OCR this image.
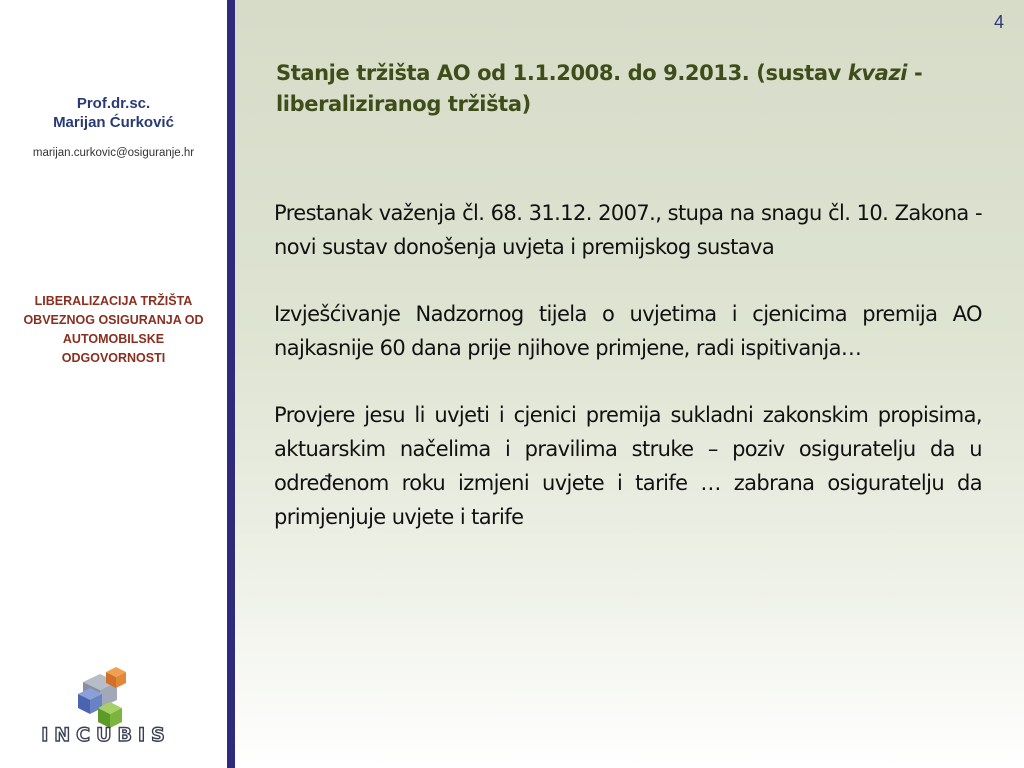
Prof.dr.sc.
Marijan Ćurković
marijan.curkovic@osiguranje.hr
LIBERALIZACIJA TRŽIŠTA
OBVEZNOG OSIGURANJA OD
AUTOMOBILSKE
ODGOVORNOSTI
INCUBIS
4
Stanje tržišta AO od 1.1.2008. do 9.2013. (sustav kvazi -
liberaliziranog tržišta)

Prestanak važenja čl. 68. 31.12. 2007., stupa na snagu čl. 10. Zakona - novi sustav donošenja uvjeta i premijskog sustava

Izvješćivanje Nadzornog tijela o uvjetima i cjenicima premija AO najkasnije 60 dana prije njihove primjene, radi ispitivanja…

Provjere jesu li uvjeti i cjenici premija sukladni zakonskim propisima, aktuarskim načelima i pravilima struke – poziv osiguratelju da u određenom roku izmjeni uvjete i tarife … zabrana osiguratelju da primjenjuje uvjete i tarife
